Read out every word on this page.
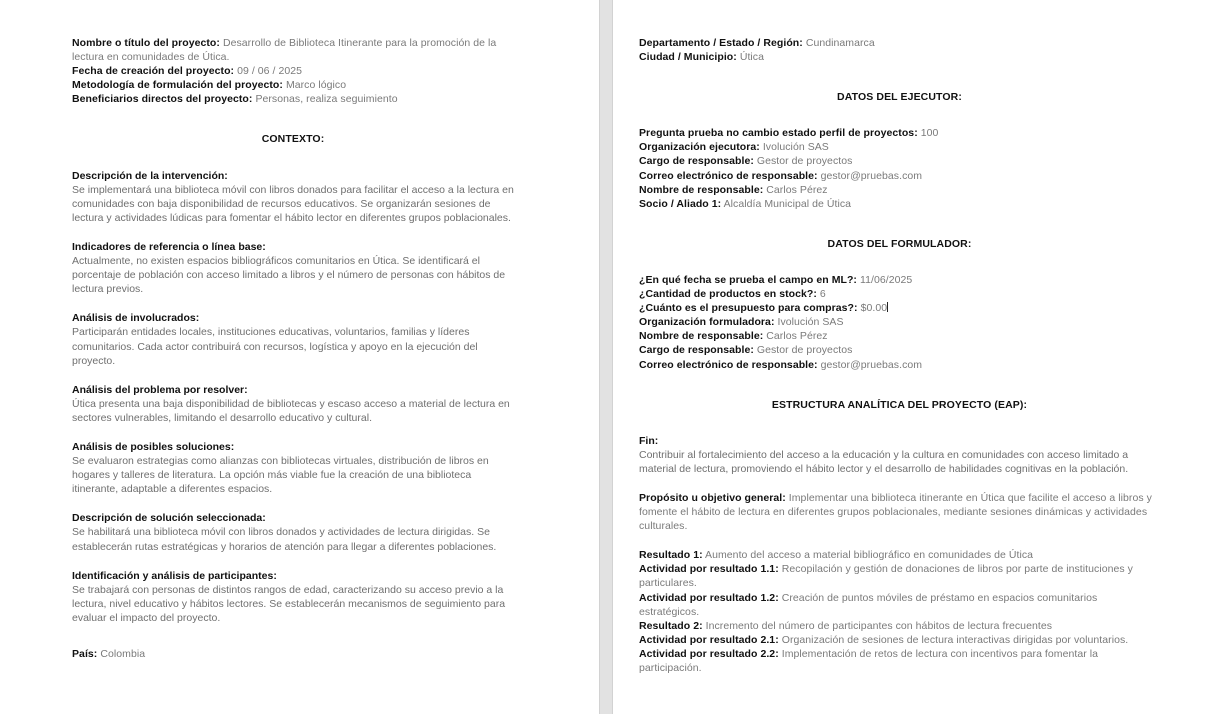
Nombre o título del proyecto: Desarrollo de Biblioteca Itinerante para la promoción de la lectura en comunidades de Útica.

Fecha de creación del proyecto: 09 / 06 / 2025

Metodología de formulación del proyecto: Marco lógico

Beneficiarios directos del proyecto: Personas, realiza seguimiento

CONTEXTO:

Descripción de la intervención:

Se implementará una biblioteca móvil con libros donados para facilitar el acceso a la lectura en comunidades con baja disponibilidad de recursos educativos. Se organizarán sesiones de lectura y actividades lúdicas para fomentar el hábito lector en diferentes grupos poblacionales.

Indicadores de referencia o línea base:

Actualmente, no existen espacios bibliográficos comunitarios en Útica. Se identificará el porcentaje de población con acceso limitado a libros y el número de personas con hábitos de lectura previos.

Análisis de involucrados:

Participarán entidades locales, instituciones educativas, voluntarios, familias y líderes comunitarios. Cada actor contribuirá con recursos, logística y apoyo en la ejecución del proyecto.

Análisis del problema por resolver:

Útica presenta una baja disponibilidad de bibliotecas y escaso acceso a material de lectura en sectores vulnerables, limitando el desarrollo educativo y cultural.

Análisis de posibles soluciones:

Se evaluaron estrategias como alianzas con bibliotecas virtuales, distribución de libros en hogares y talleres de literatura. La opción más viable fue la creación de una biblioteca itinerante, adaptable a diferentes espacios.

Descripción de solución seleccionada:

Se habilitará una biblioteca móvil con libros donados y actividades de lectura dirigidas. Se establecerán rutas estratégicas y horarios de atención para llegar a diferentes poblaciones.

Identificación y análisis de participantes:

Se trabajará con personas de distintos rangos de edad, caracterizando su acceso previo a la lectura, nivel educativo y hábitos lectores. Se establecerán mecanismos de seguimiento para evaluar el impacto del proyecto.

País: Colombia

Departamento / Estado / Región: Cundinamarca

Ciudad / Municipio: Útica

DATOS DEL EJECUTOR:

Pregunta prueba no cambio estado perfil de proyectos: 100

Organización ejecutora: Ivolución SAS

Cargo de responsable: Gestor de proyectos

Correo electrónico de responsable: gestor@pruebas.com

Nombre de responsable: Carlos Pérez

Socio / Aliado 1: Alcaldía Municipal de Útica

DATOS DEL FORMULADOR:

¿En qué fecha se prueba el campo en ML?: 11/06/2025

¿Cantidad de productos en stock?: 6

¿Cuánto es el presupuesto para compras?: $0.00

Organización formuladora: Ivolución SAS

Nombre de responsable: Carlos Pérez

Cargo de responsable: Gestor de proyectos

Correo electrónico de responsable: gestor@pruebas.com

ESTRUCTURA ANALÍTICA DEL PROYECTO (EAP):

Fin:

Contribuir al fortalecimiento del acceso a la educación y la cultura en comunidades con acceso limitado a material de lectura, promoviendo el hábito lector y el desarrollo de habilidades cognitivas en la población.

Propósito u objetivo general: Implementar una biblioteca itinerante en Útica que facilite el acceso a libros y fomente el hábito de lectura en diferentes grupos poblacionales, mediante sesiones dinámicas y actividades culturales.

Resultado 1: Aumento del acceso a material bibliográfico en comunidades de Útica

Actividad por resultado 1.1: Recopilación y gestión de donaciones de libros por parte de instituciones y particulares.

Actividad por resultado 1.2: Creación de puntos móviles de préstamo en espacios comunitarios estratégicos.

Resultado 2: Incremento del número de participantes con hábitos de lectura frecuentes

Actividad por resultado 2.1: Organización de sesiones de lectura interactivas dirigidas por voluntarios.

Actividad por resultado 2.2: Implementación de retos de lectura con incentivos para fomentar la participación.
